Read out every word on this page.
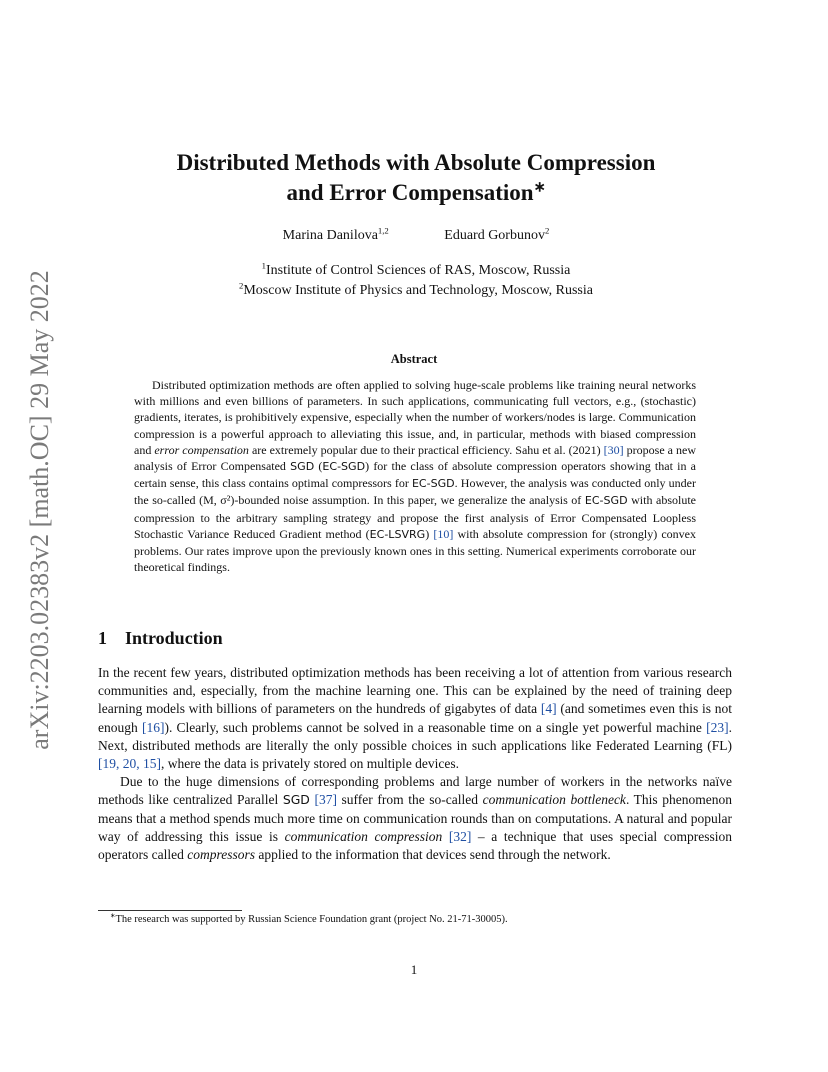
arXiv:2203.02383v2 [math.OC] 29 May 2022
Distributed Methods with Absolute Compression
and Error Compensation∗
Marina Danilova$^{1,2}$	Eduard Gorbunov$^2$
$^1$Institute of Control Sciences of RAS, Moscow, Russia
$^2$Moscow Institute of Physics and Technology, Moscow, Russia
Abstract
Distributed optimization methods are often applied to solving huge-scale problems like training neural networks with millions and even billions of parameters. In such applications, communicating full vectors, e.g., (stochastic) gradients, iterates, is prohibitively expensive, especially when the number of workers/nodes is large. Communication compression is a powerful approach to alleviating this issue, and, in particular, methods with biased compression and error compensation are extremely popular due to their practical efficiency. Sahu et al. (2021) [30] propose a new analysis of Error Compensated SGD (EC-SGD) for the class of absolute compression operators showing that in a certain sense, this class contains optimal compressors for EC-SGD. However, the analysis was conducted only under the so-called (M, σ²)-bounded noise assumption. In this paper, we generalize the analysis of EC-SGD with absolute compression to the arbitrary sampling strategy and propose the first analysis of Error Compensated Loopless Stochastic Variance Reduced Gradient method (EC-LSVRG) [10] with absolute compression for (strongly) convex problems. Our rates improve upon the previously known ones in this setting. Numerical experiments corroborate our theoretical findings.
1 Introduction

In the recent few years, distributed optimization methods has been receiving a lot of attention from various research communities and, especially, from the machine learning one. This can be explained by the need of training deep learning models with billions of parameters on the hundreds of gigabytes of data [4] (and sometimes even this is not enough [16]). Clearly, such problems cannot be solved in a reasonable time on a single yet powerful machine [23]. Next, distributed methods are literally the only possible choices in such applications like Federated Learning (FL) [19, 20, 15], where the data is privately stored on multiple devices.

Due to the huge dimensions of corresponding problems and large number of workers in the networks naïve methods like centralized Parallel SGD [37] suffer from the so-called communication bottleneck. This phenomenon means that a method spends much more time on communication rounds than on computations. A natural and popular way of addressing this issue is communication compression [32] – a technique that uses special compression operators called compressors applied to the information that devices send through the network.

∗The research was supported by Russian Science Foundation grant (project No. 21-71-30005).
1
